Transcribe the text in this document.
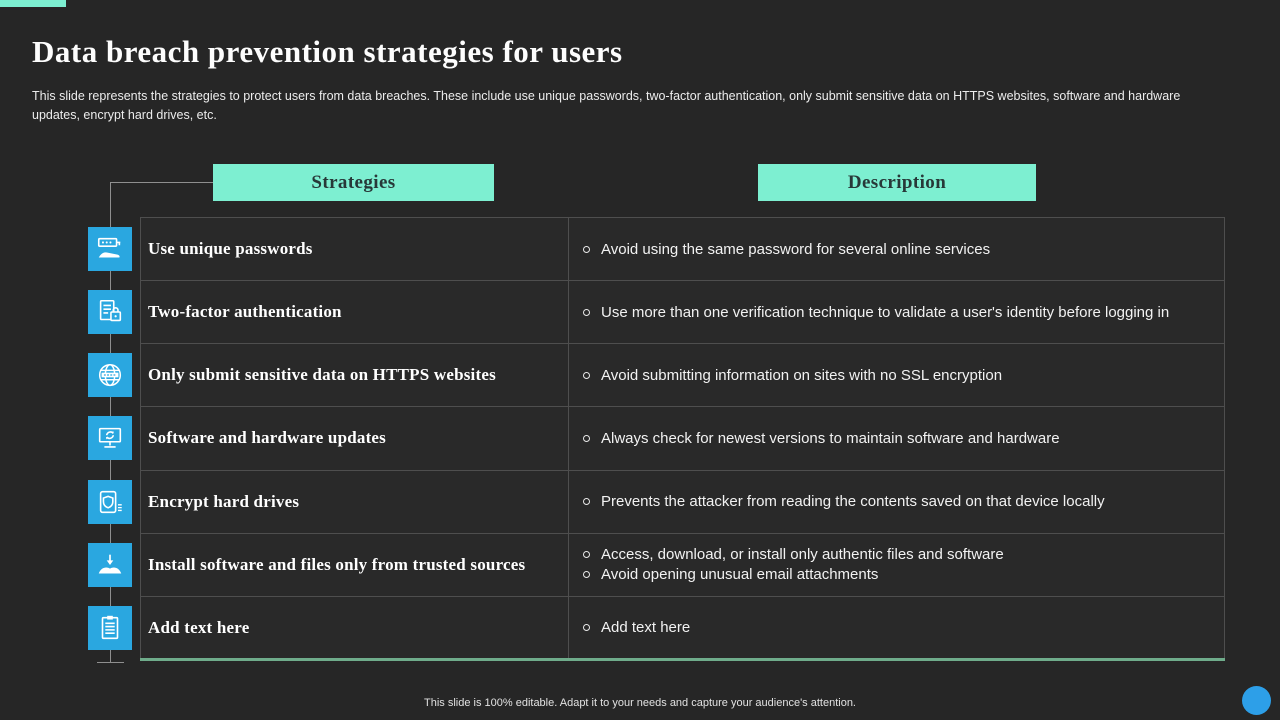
Data breach prevention strategies for users

This slide represents the strategies to protect users from data breaches. These include use unique passwords, two-factor authentication, only submit sensitive data on HTTPS websites, software and hardware updates, encrypt hard drives, etc.

Strategies	Description
Use unique passwords	Avoid using the same password for several online services
Two-factor authentication	Use more than one verification technique to validate a user's identity before logging in
Only submit sensitive data on HTTPS websites	Avoid submitting information on sites with no SSL encryption
Software and hardware updates	Always check for newest versions to maintain software and hardware
Encrypt hard drives	Prevents the attacker from reading the contents saved on that device locally
Install software and files only from trusted sources	Access, download, or install only authentic files and software
Avoid opening unusual email attachments
Add text here	Add text here

This slide is 100% editable. Adapt it to your needs and capture your audience's attention.
